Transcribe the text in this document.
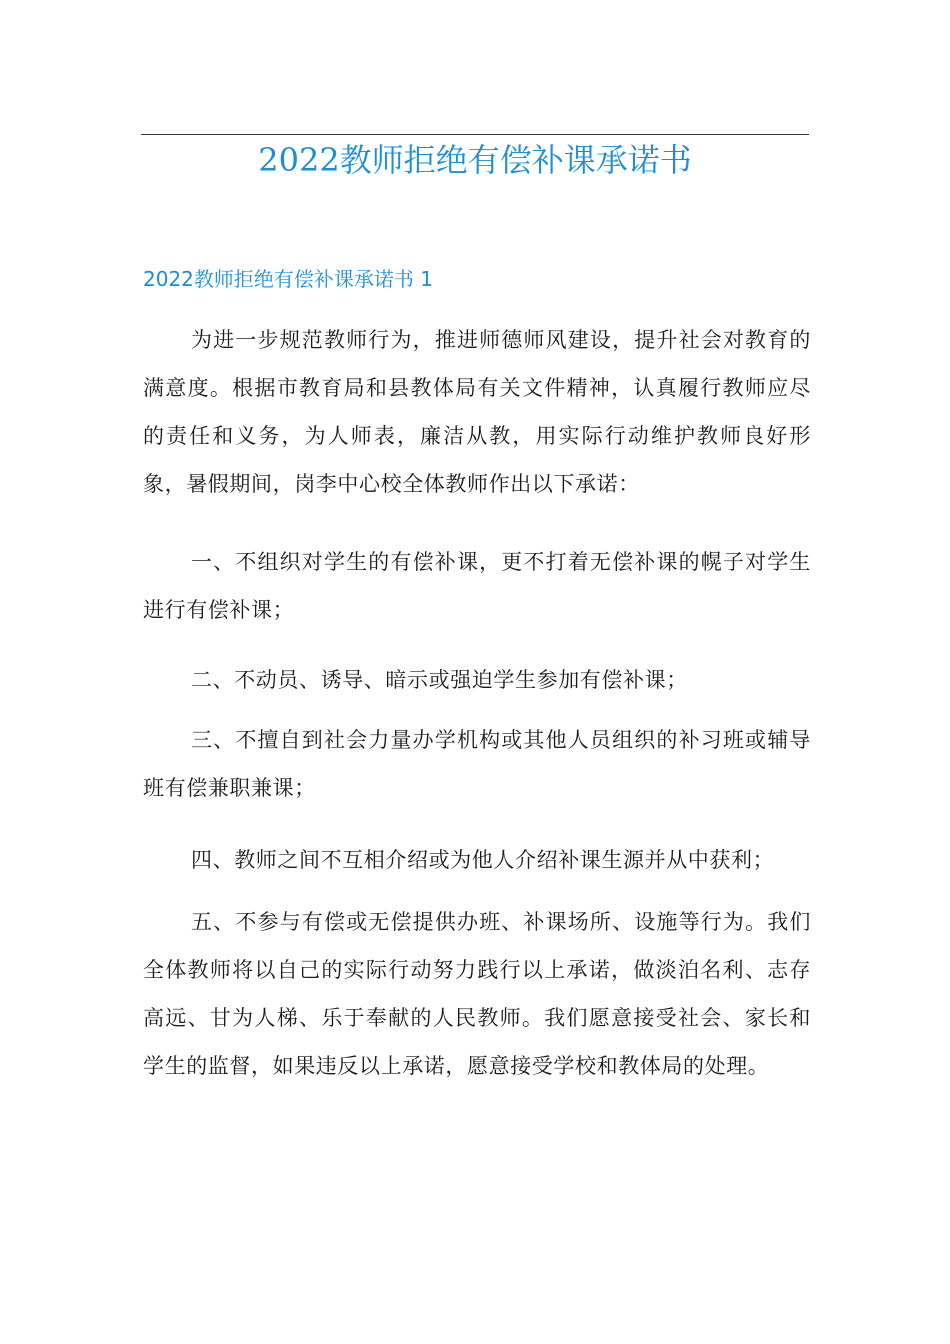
2022教师拒绝有偿补课承诺书
2022教师拒绝有偿补课承诺书 1

为进一步规范教师行为，推进师德师风建设，提升社会对教育的满意度。根据市教育局和县教体局有关文件精神，认真履行教师应尽的责任和义务，为人师表，廉洁从教，用实际行动维护教师良好形象，暑假期间，岗李中心校全体教师作出以下承诺：

一、不组织对学生的有偿补课，更不打着无偿补课的幌子对学生进行有偿补课；

二、不动员、诱导、暗示或强迫学生参加有偿补课；

三、不擅自到社会力量办学机构或其他人员组织的补习班或辅导班有偿兼职兼课；

四、教师之间不互相介绍或为他人介绍补课生源并从中获利；

五、不参与有偿或无偿提供办班、补课场所、设施等行为。我们全体教师将以自己的实际行动努力践行以上承诺，做淡泊名利、志存高远、甘为人梯、乐于奉献的人民教师。我们愿意接受社会、家长和学生的监督，如果违反以上承诺，愿意接受学校和教体局的处理。
